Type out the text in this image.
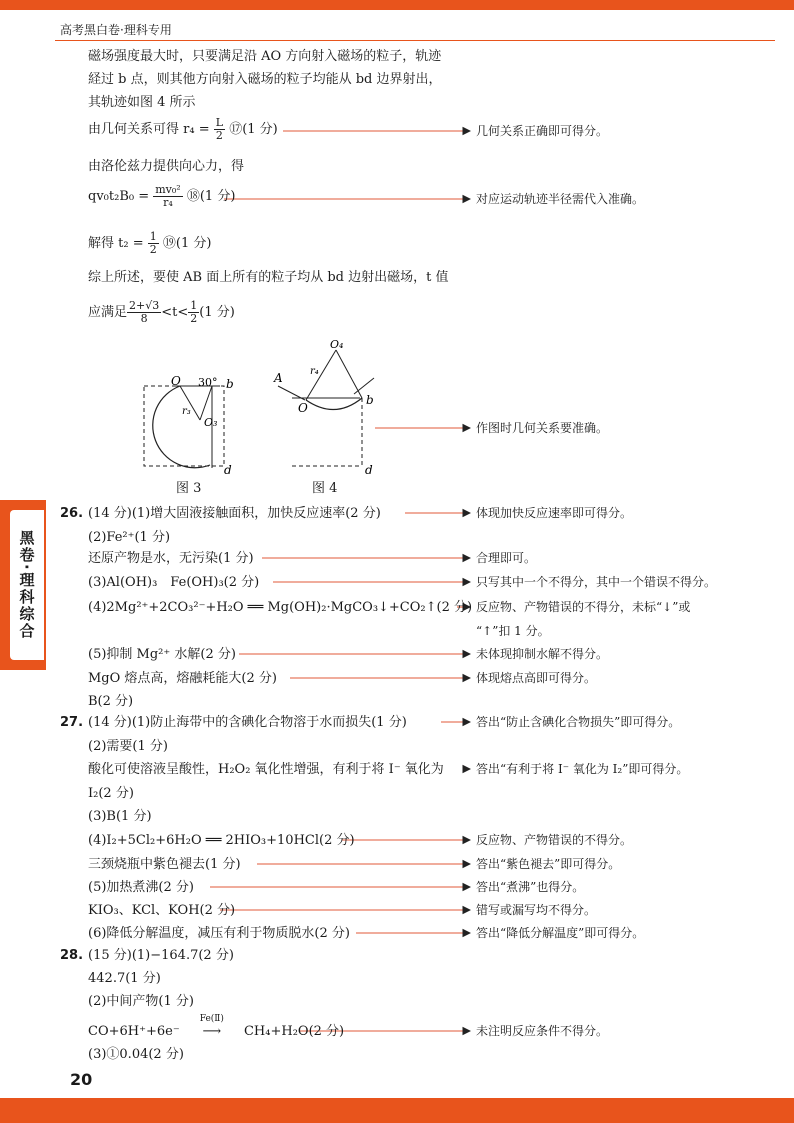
高考黑白卷·理科专用
黑卷·理科综合
磁场强度最大时，只要满足沿 AO 方向射入磁场的粒子，轨迹
経过 b 点，则其他方向射入磁场的粒子均能从 bd 边界射出，
其轨迹如图 4 所示
由几何关系可得 $r_4 = \frac{L}{2}$ ⑰(1 分)
由洛伦兹力提供向心力，得
$qv_0t_2B_0 = \frac{\text{mv₀²}}{\text{r₄}}$ ⑱(1 分)
解得 $t_2 = \frac{1}{2}$ ⑲(1 分)
综上所述，要使 AB 面上所有的粒子均从 bd 边射出磁场，t 值
应满足 $\frac{2+√3}{8} <t< \frac{1}{2} (1$ 分)
O 30° b
r₃
O₃
d
图 3
O₄
r₄
A
O
b
d
图 4
26. (14 分)(1)增大固液接触面积，加快反应速率(2 分)
(2)Fe²⁺(1 分)
还原产物是水，无污染(1 分)
(3)Al(OH)₃　Fe(OH)₃(2 分)
(4)2Mg²⁺+2CO₃²⁻+H₂O ══ Mg(OH)₂·MgCO₃↓+CO₂↑(2 分)
(5)抑制 Mg²⁺ 水解(2 分)
MgO 熔点高，熔融耗能大(2 分)
B(2 分)
27. (14 分)(1)防止海带中的含碘化合物溶于水而损失(1 分)
(2)需要(1 分)
酸化可使溶液呈酸性，H₂O₂ 氧化性增强，有利于将 I⁻ 氧化为
I₂(2 分)
(3)B(1 分)
(4)I₂+5Cl₂+6H₂O ══ 2HIO₃+10HCl(2 分)
三颈烧瓶中紫色褪去(1 分)
(5)加热煮沸(2 分)
KIO₃、KCl、KOH(2 分)
(6)降低分解温度，减压有利于物质脱水(2 分)
28. (15 分)(1)−164.7(2 分)
442.7(1 分)
(2)中间产物(1 分)
CO+6H⁺+6e⁻
Fe(Ⅱ)
⟶ CH₄+H₂O(2 分)
(3)①0.04(2 分)
几何关系正确即可得分。
对应运动轨迹半径需代入准确。
作图时几何关系要准确。
体现加快反应速率即可得分。
合理即可。
只写其中一个不得分，其中一个错误不得分。
反应物、产物错误的不得分，未标“↓”或
“↑”扣 1 分。
未体现抑制水解不得分。
体现熔点高即可得分。
答出“防止含碘化合物损失”即可得分。
答出“有利于将 I⁻ 氧化为 I₂”即可得分。
反应物、产物错误的不得分。
答出“紫色褪去”即可得分。
答出“煮沸”也得分。
错写或漏写均不得分。
答出“降低分解温度”即可得分。
未注明反应条件不得分。
20
